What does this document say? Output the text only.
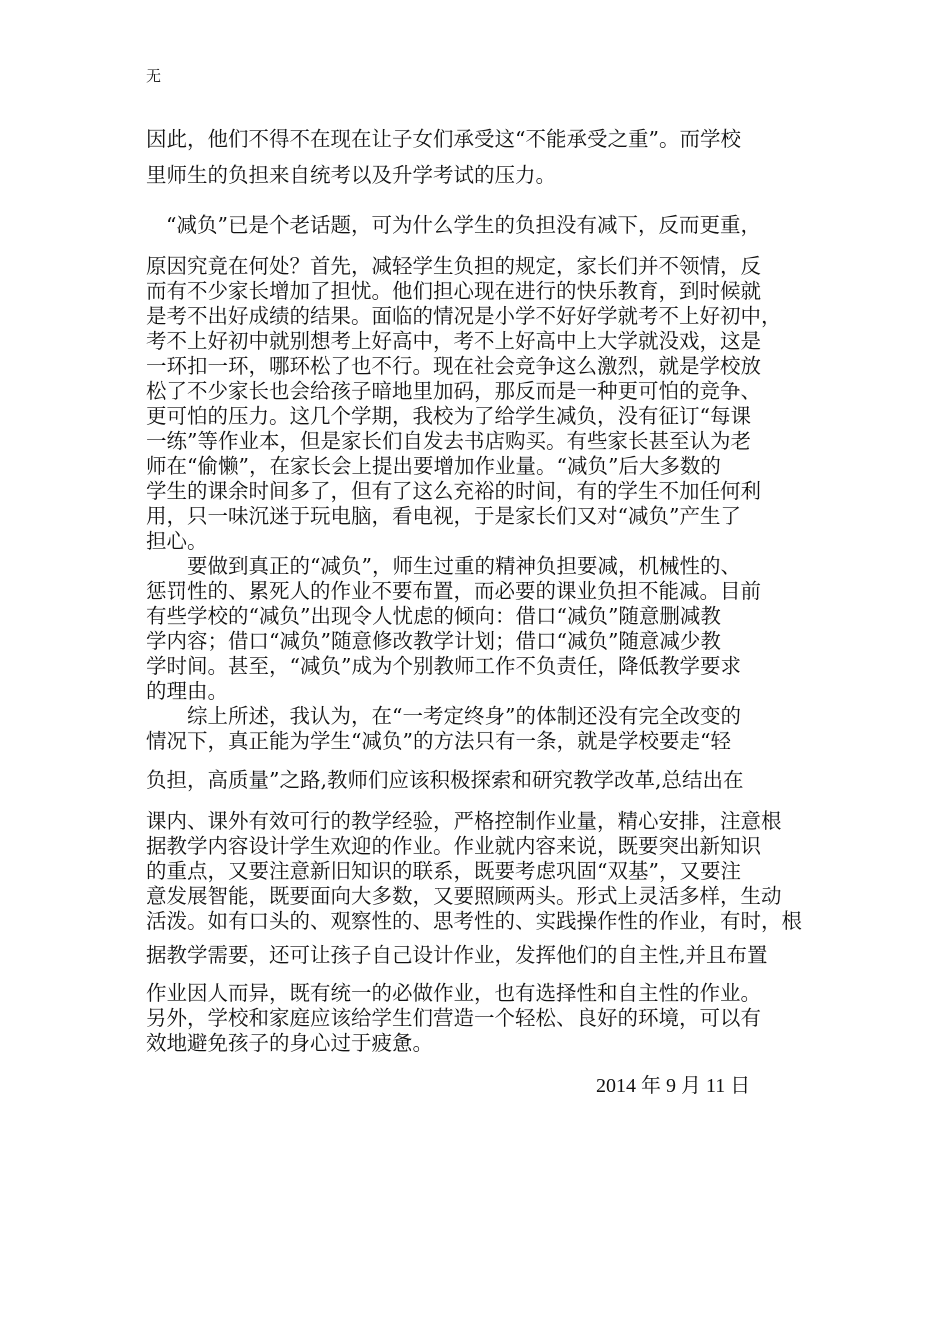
无
因此，他们不得不在现在让子女们承受这“不能承受之重”。而学校
里师生的负担来自统考以及升学考试的压力。
“减负”已是个老话题，可为什么学生的负担没有减下，反而更重，
原因究竟在何处？首先，减轻学生负担的规定，家长们并不领情，反
而有不少家长增加了担忧。他们担心现在进行的快乐教育，到时候就
是考不出好成绩的结果。面临的情况是小学不好好学就考不上好初中，
考不上好初中就别想考上好高中，考不上好高中上大学就没戏，这是
一环扣一环，哪环松了也不行。现在社会竞争这么激烈，就是学校放
松了不少家长也会给孩子暗地里加码，那反而是一种更可怕的竞争、
更可怕的压力。这几个学期，我校为了给学生减负，没有征订“每课
一练”等作业本，但是家长们自发去书店购买。有些家长甚至认为老
师在“偷懒”，在家长会上提出要增加作业量。“减负”后大多数的
学生的课余时间多了，但有了这么充裕的时间，有的学生不加任何利
用，只一味沉迷于玩电脑，看电视，于是家长们又对“减负”产生了
担心。
要做到真正的“减负”，师生过重的精神负担要减，机械性的、
惩罚性的、累死人的作业不要布置，而必要的课业负担不能减。目前
有些学校的“减负”出现令人忧虑的倾向：借口“减负”随意删减教
学内容；借口“减负”随意修改教学计划；借口“减负”随意减少教
学时间。甚至，“减负”成为个别教师工作不负责任，降低教学要求
的理由。
综上所述，我认为，在“一考定终身”的体制还没有完全改变的
情况下，真正能为学生“减负”的方法只有一条，就是学校要走“轻
负担，高质量”之路,教师们应该积极探索和研究教学改革,总结出在
课内、课外有效可行的教学经验，严格控制作业量，精心安排，注意根
据教学内容设计学生欢迎的作业。作业就内容来说，既要突出新知识
的重点，又要注意新旧知识的联系，既要考虑巩固“双基”，又要注
意发展智能，既要面向大多数，又要照顾两头。形式上灵活多样，生动
活泼。如有口头的、观察性的、思考性的、实践操作性的作业，有时，根
据教学需要，还可让孩子自己设计作业，发挥他们的自主性,并且布置
作业因人而异，既有统一的必做作业，也有选择性和自主性的作业。
另外，学校和家庭应该给学生们营造一个轻松、良好的环境，可以有
效地避免孩子的身心过于疲惫。
2014 年 9 月 11 日
